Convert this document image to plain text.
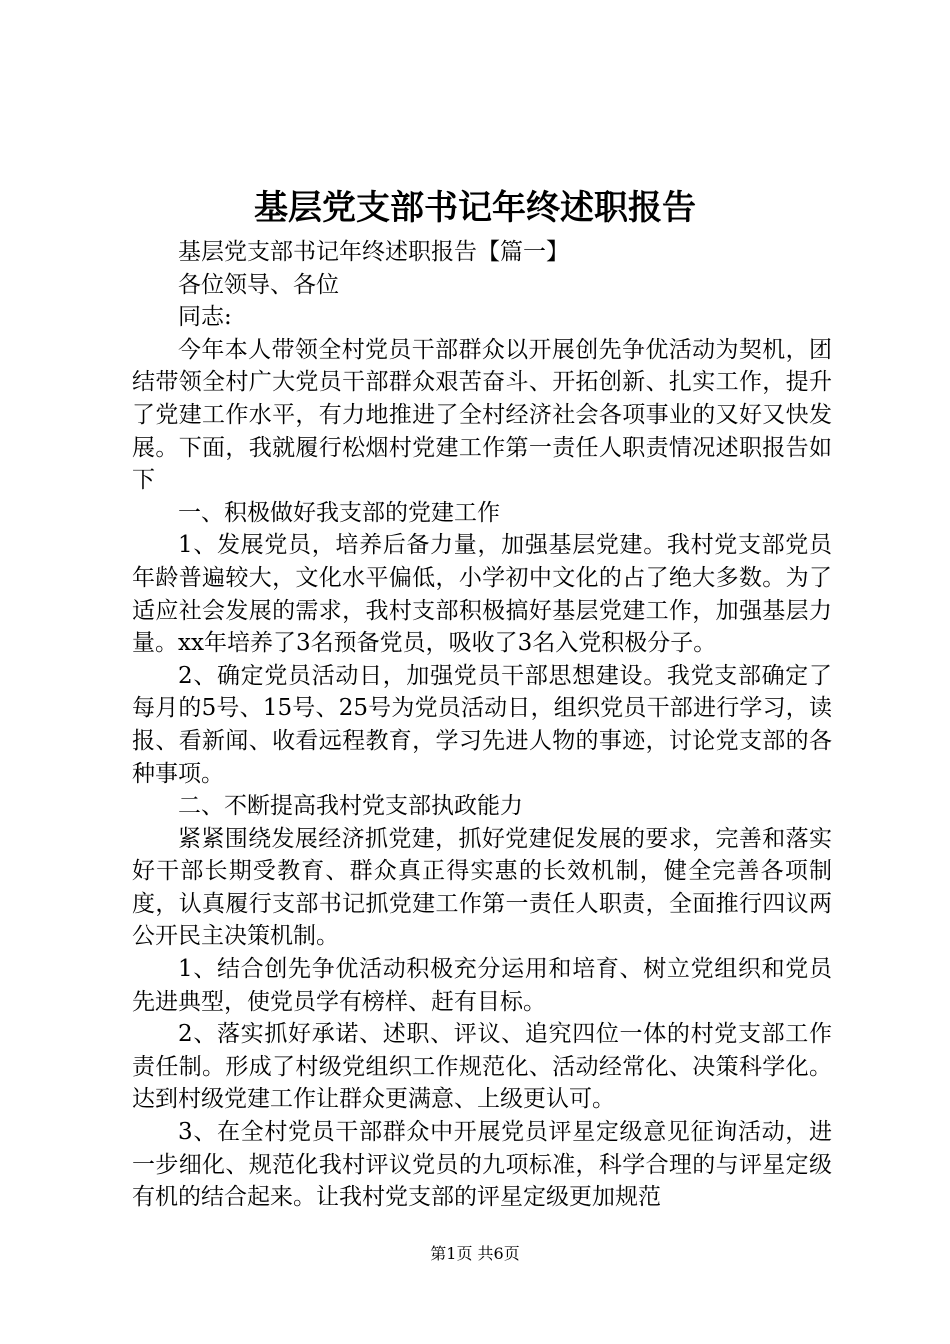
基层党支部书记年终述职报告

基层党支部书记年终述职报告【篇一】

各位领导、各位

同志:

今年本人带领全村党员干部群众以开展创先争优活动为契机，团结带领全村广大党员干部群众艰苦奋斗、开拓创新、扎实工作，提升了党建工作水平，有力地推进了全村经济社会各项事业的又好又快发展。下面，我就履行松烟村党建工作第一责任人职责情况述职报告如下

一、积极做好我支部的党建工作

1、发展党员，培养后备力量，加强基层党建。我村党支部党员年龄普遍较大，文化水平偏低，小学初中文化的占了绝大多数。为了适应社会发展的需求，我村支部积极搞好基层党建工作，加强基层力量。xx年培养了3名预备党员，吸收了3名入党积极分子。

2、确定党员活动日，加强党员干部思想建设。我党支部确定了每月的5号、15号、25号为党员活动日，组织党员干部进行学习，读报、看新闻、收看远程教育，学习先进人物的事迹，讨论党支部的各种事项。

二、不断提高我村党支部执政能力

紧紧围绕发展经济抓党建，抓好党建促发展的要求，完善和落实好干部长期受教育、群众真正得实惠的长效机制，健全完善各项制度，认真履行支部书记抓党建工作第一责任人职责，全面推行四议两公开民主决策机制。

1、结合创先争优活动积极充分运用和培育、树立党组织和党员先进典型，使党员学有榜样、赶有目标。

2、落实抓好承诺、述职、评议、追究四位一体的村党支部工作责任制。形成了村级党组织工作规范化、活动经常化、决策科学化。达到村级党建工作让群众更满意、上级更认可。

3、在全村党员干部群众中开展党员评星定级意见征询活动，进一步细化、规范化我村评议党员的九项标准，科学合理的与评星定级有机的结合起来。让我村党支部的评星定级更加规范

第1页 共6页
